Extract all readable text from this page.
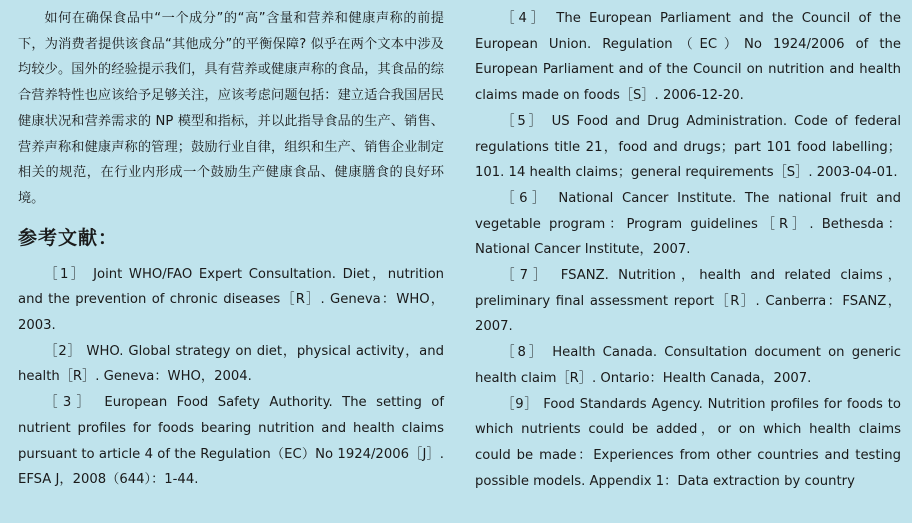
如何在确保食品中“一个成分”的“高”含量和营养和健康声称的前提下，为消费者提供该食品“其他成分”的平衡保障? 似乎在两个文本中涉及均较少。国外的经验提示我们，具有营养或健康声称的食品，其食品的综合营养特性也应该给予足够关注，应该考虑问题包括：建立适合我国居民健康状况和营养需求的 NP 模型和指标，并以此指导食品的生产、销售、营养声称和健康声称的管理；鼓励行业自律，组织和生产、销售企业制定相关的规范，在行业内形成一个鼓励生产健康食品、健康膳食的良好环境。

参考文献：

［1］ Joint WHO/FAO Expert Consultation. Diet，nutrition and the prevention of chronic diseases［R］. Geneva：WHO，2003.

［2］ WHO. Global strategy on diet，physical activity，and health［R］. Geneva：WHO，2004.

［3］ European Food Safety Authority. The setting of nutrient profiles for foods bearing nutrition and health claims pursuant to article 4 of the Regulation（EC）No 1924/2006［J］. EFSA J，2008（644）：1-44.

［4］ The European Parliament and the Council of the European Union. Regulation（EC）No 1924/2006 of the European Parliament and of the Council on nutrition and health claims made on foods［S］. 2006-12-20.

［5］ US Food and Drug Administration. Code of federal regulations title 21，food and drugs；part 101 food labelling；101. 14 health claims；general requirements［S］. 2003-04-01.

［6］ National Cancer Institute. The national fruit and vegetable program：Program guidelines［R］. Bethesda：National Cancer Institute，2007.

［7］ FSANZ. Nutrition，health and related claims，preliminary final assessment report［R］. Canberra：FSANZ，2007.

［8］ Health Canada. Consultation document on generic health claim［R］. Ontario：Health Canada，2007.

［9］ Food Standards Agency. Nutrition profiles for foods to which nutrients could be added，or on which health claims could be made：Experiences from other countries and testing possible models. Appendix 1：Data extraction by country
